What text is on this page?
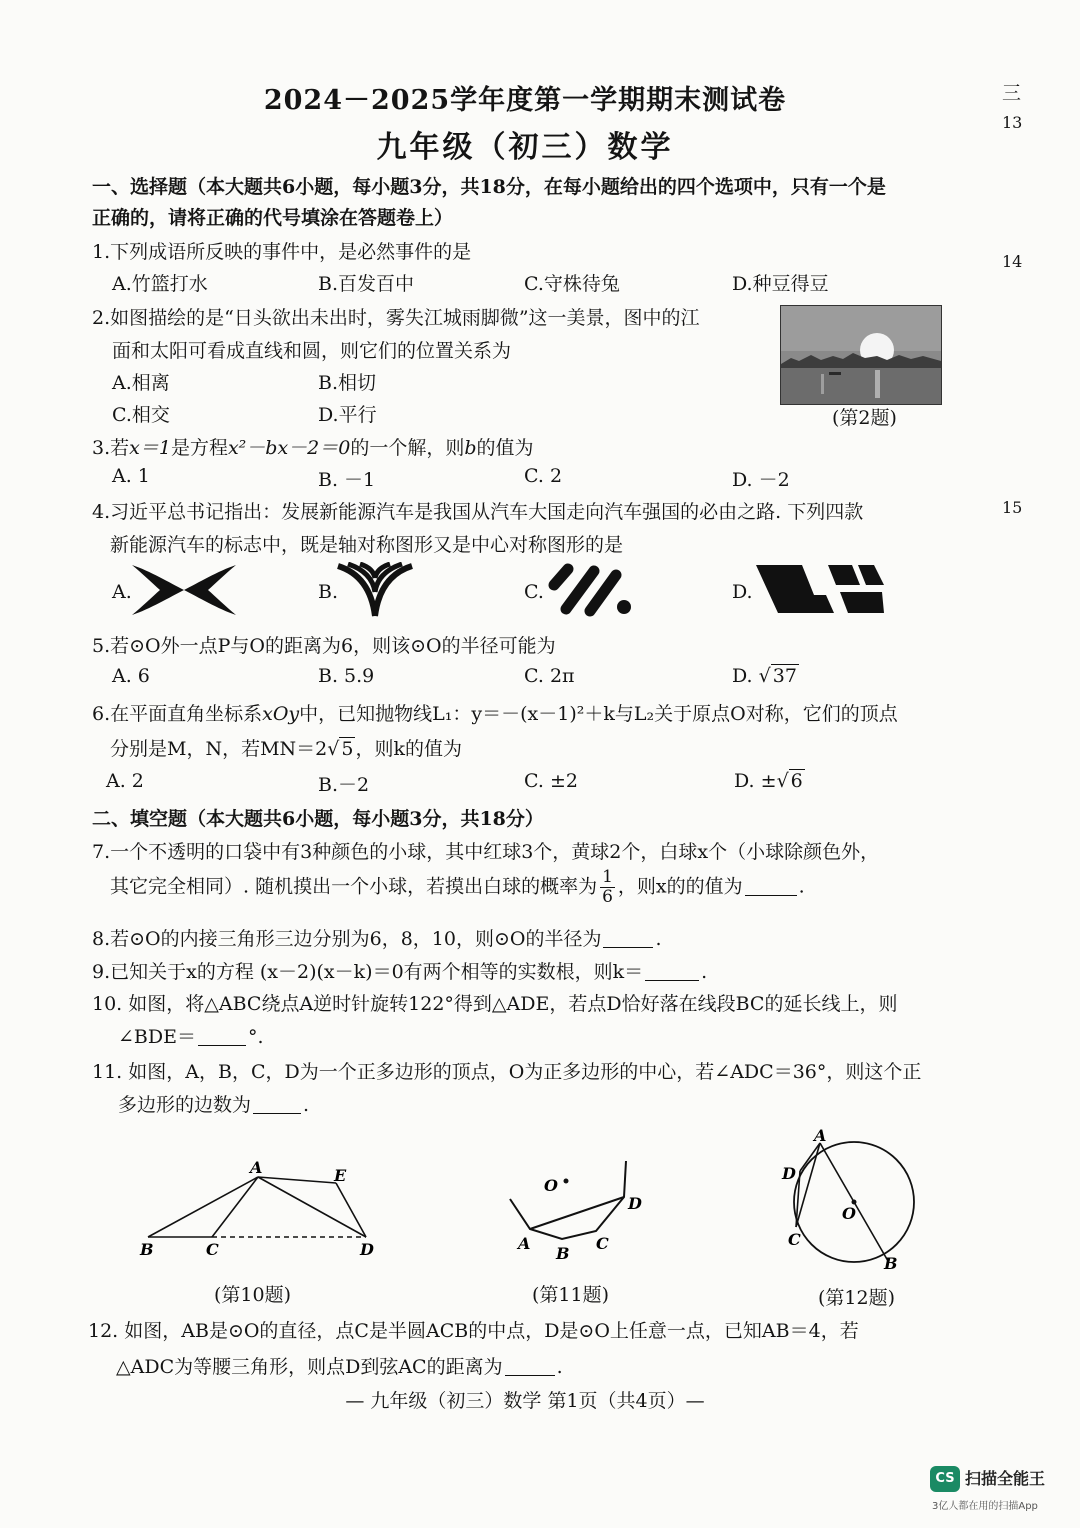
三
13
14
15
2024－2025学年度第一学期期末测试卷
九年级（初三）数学
一、选择题（本大题共6小题，每小题3分，共18分，在每小题给出的四个选项中，只有一个是
正确的，请将正确的代号填涂在答题卷上）
1.下列成语所反映的事件中，是必然事件的是
A.竹篮打水	B.百发百中	C.守株待兔	D.种豆得豆
2.如图描绘的是“日头欲出未出时，雾失江城雨脚微”这一美景，图中的江
面和太阳可看成直线和圆，则它们的位置关系为
A.相离	B.相切
C.相交	D.平行	(第2题)
3.若x＝1是方程x²－bx－2＝0的一个解，则b的值为
A. 1	B. －1	C. 2	D. －2
4.习近平总书记指出：发展新能源汽车是我国从汽车大国走向汽车强国的必由之路. 下列四款
新能源汽车的标志中，既是轴对称图形又是中心对称图形的是
A.	B.	C.	D.
5.若⊙O外一点P与O的距离为6，则该⊙O的半径可能为
A. 6	B. 5.9	C. 2π	D. √ 37
6.在平面直角坐标系xOy中，已知抛物线L₁：y＝－(x－1)²＋k与L₂关于原点O对称，它们的顶点
分别是M，N，若MN＝2√ 5 ，则k的值为
A. 2	B.－2	C. ±2	D. ±√ 6
二、填空题（本大题共6小题，每小题3分，共18分）
7.一个不透明的口袋中有3种颜色的小球，其中红球3个，黄球2个，白球x个（小球除颜色外，
其它完全相同）. 随机摸出一个小球，若摸出白球的概率为 $\frac{1}{6}$ ，则x的的值为	.
8.若⊙O的内接三角形三边分别为6，8，10，则⊙O的半径为	.
9.已知关于x的方程 (x－2)(x－k)＝0有两个相等的实数根，则k＝	.
10. 如图，将△ABC绕点A逆时针旋转122°得到△ADE，若点D恰好落在线段BC的延长线上，则
∠BDE＝	°.
11. 如图，A，B，C，D为一个正多边形的顶点，O为正多边形的中心，若∠ADC＝36°，则这个正
多边形的边数为	.
A	E
B	C	D
(第10题)
O
D
A
B
C
(第11题)
A
D
O
C
B
(第12题)
12. 如图，AB是⊙O的直径，点C是半圆ACB的中点，D是⊙O上任意一点，已知AB＝4，若
△ADC为等腰三角形，则点D到弦AC的距离为	.
— 九年级（初三）数学 第1页（共4页）—
CS 扫描全能王
3亿人都在用的扫描App
